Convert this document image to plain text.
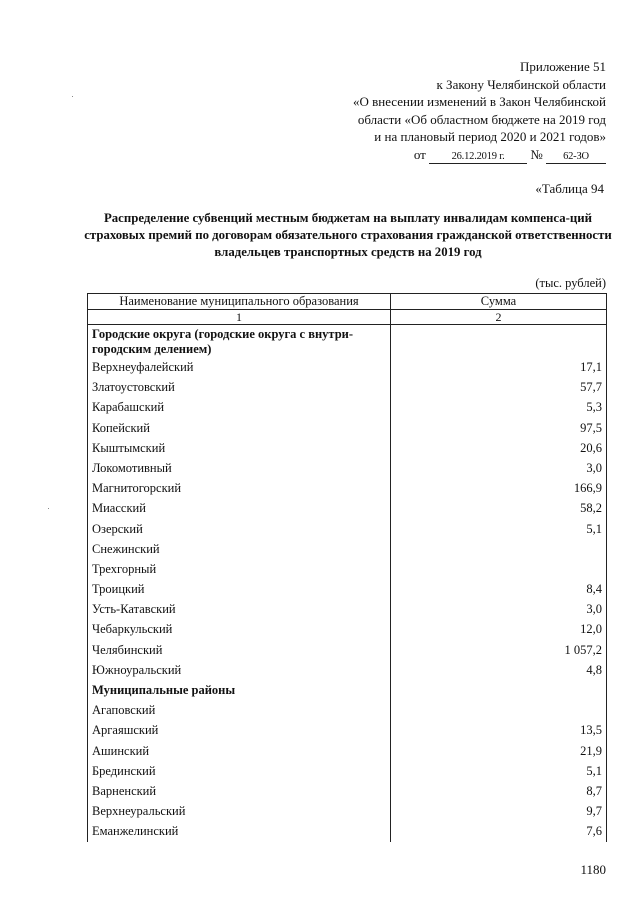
Приложение 51
к Закону Челябинской области
«О внесении изменений в Закон Челябинской
области «Об областном бюджете на 2019 год
и на плановый период 2020 и 2021 годов»
от 26.12.2019 г. № 62-ЗО
«Таблица 94
Распределение субвенций местным бюджетам на выплату инвалидам компенса-ций страховых премий по договорам обязательного страхования гражданской ответственности владельцев транспортных средств на 2019 год
(тыс. рублей)
Наименование муниципального образования	Сумма
1	2
Городские округа (городские округа с внутри-городским делением)	
Верхнеуфалейский	17,1
Златоустовский	57,7
Карабашский	5,3
Копейский	97,5
Кыштымский	20,6
Локомотивный	3,0
Магнитогорский	166,9
Миасский	58,2
Озерский	5,1
Снежинский	
Трехгорный	
Троицкий	8,4
Усть-Катавский	3,0
Чебаркульский	12,0
Челябинский	1 057,2
Южноуральский	4,8
Муниципальные районы	
Агаповский	
Аргаяшский	13,5
Ашинский	21,9
Брединский	5,1
Варненский	8,7
Верхнеуральский	9,7
Еманжелинский	7,6
1180
